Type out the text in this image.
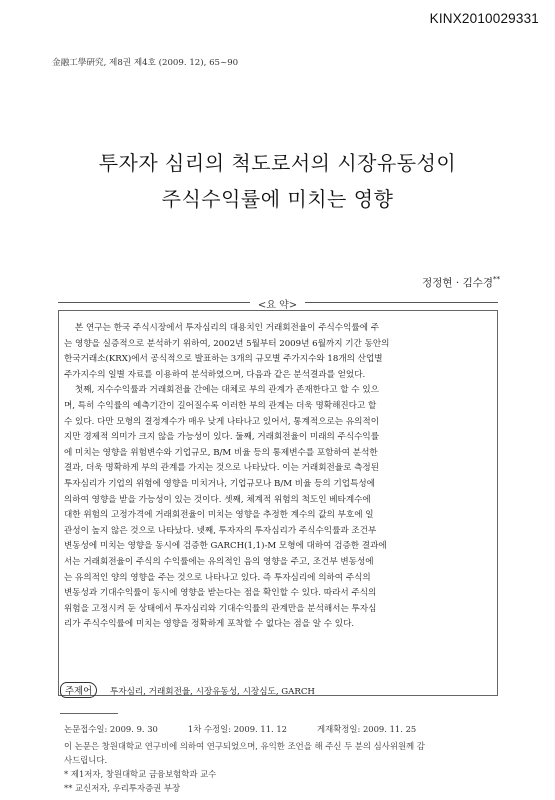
KINX2010029331
金融工學硏究, 제8권 제4호 (2009. 12), 65~90
투자자 심리의 척도로서의 시장유동성이
주식수익률에 미치는 영향
정정현 · 김수경**
<요 약>
본 연구는 한국 주식시장에서 투자심리의 대용치인 거래회전율이 주식수익률에 주
는 영향을 실증적으로 분석하기 위하여, 2002년 5월부터 2009년 6월까지 기간 동안의
한국거래소(KRX)에서 공식적으로 발표하는 3개의 규모별 주가지수와 18개의 산업별
주가지수의 일별 자료를 이용하여 분석하였으며, 다음과 같은 분석결과를 얻었다.
첫째, 지수수익률과 거래회전율 간에는 대체로 부의 관계가 존재한다고 할 수 있으
며, 특히 수익률의 예측기간이 길어질수록 이러한 부의 관계는 더욱 명확해진다고 할
수 있다. 다만 모형의 결정계수가 매우 낮게 나타나고 있어서, 통계적으로는 유의적이
지만 경제적 의미가 크지 않을 가능성이 있다. 둘째, 거래회전율이 미래의 주식수익률
에 미치는 영향을 위험변수와 기업규모, B/M 비율 등의 통제변수를 포함하여 분석한
결과, 더욱 명확하게 부의 관계를 가지는 것으로 나타났다. 이는 거래회전율로 측정된
투자심리가 기업의 위험에 영향을 미치거나, 기업규모나 B/M 비율 등의 기업특성에
의하여 영향을 받을 가능성이 있는 것이다. 셋째, 체계적 위험의 척도인 베타계수에
대한 위험의 고정가격에 거래회전율이 미치는 영향을 추정한 계수의 값의 부호에 일
관성이 높지 않은 것으로 나타났다. 넷째, 투자자의 투자심리가 주식수익률과 조건부
변동성에 미치는 영향을 동시에 검증한 GARCH(1,1)-M 모형에 대하여 검증한 결과에
서는 거래회전율이 주식의 수익률에는 유의적인 음의 영향을 주고, 조건부 변동성에
는 유의적인 양의 영향을 주는 것으로 나타나고 있다. 즉 투자심리에 의하여 주식의
변동성과 기대수익률이 동시에 영향을 받는다는 점을 확인할 수 있다. 따라서 주식의
위험을 고정시켜 둔 상태에서 투자심리와 기대수익률의 관계만을 분석해서는 투자심
리가 주식수익률에 미치는 영향을 정확하게 포착할 수 없다는 점을 알 수 있다.
주제어	투자심리, 거래회전율, 시장유동성, 시장심도, GARCH
논문접수일: 2009. 9. 30	1차 수정일: 2009. 11. 12	게재확정일: 2009. 11. 25
이 논문은 창원대학교 연구비에 의하여 연구되었으며, 유익한 조언을 해 주신 두 분의 심사위원께 감
사드립니다.
* 제1저자, 창원대학교 금융보험학과 교수
** 교신저자, 우리투자증권 부장
